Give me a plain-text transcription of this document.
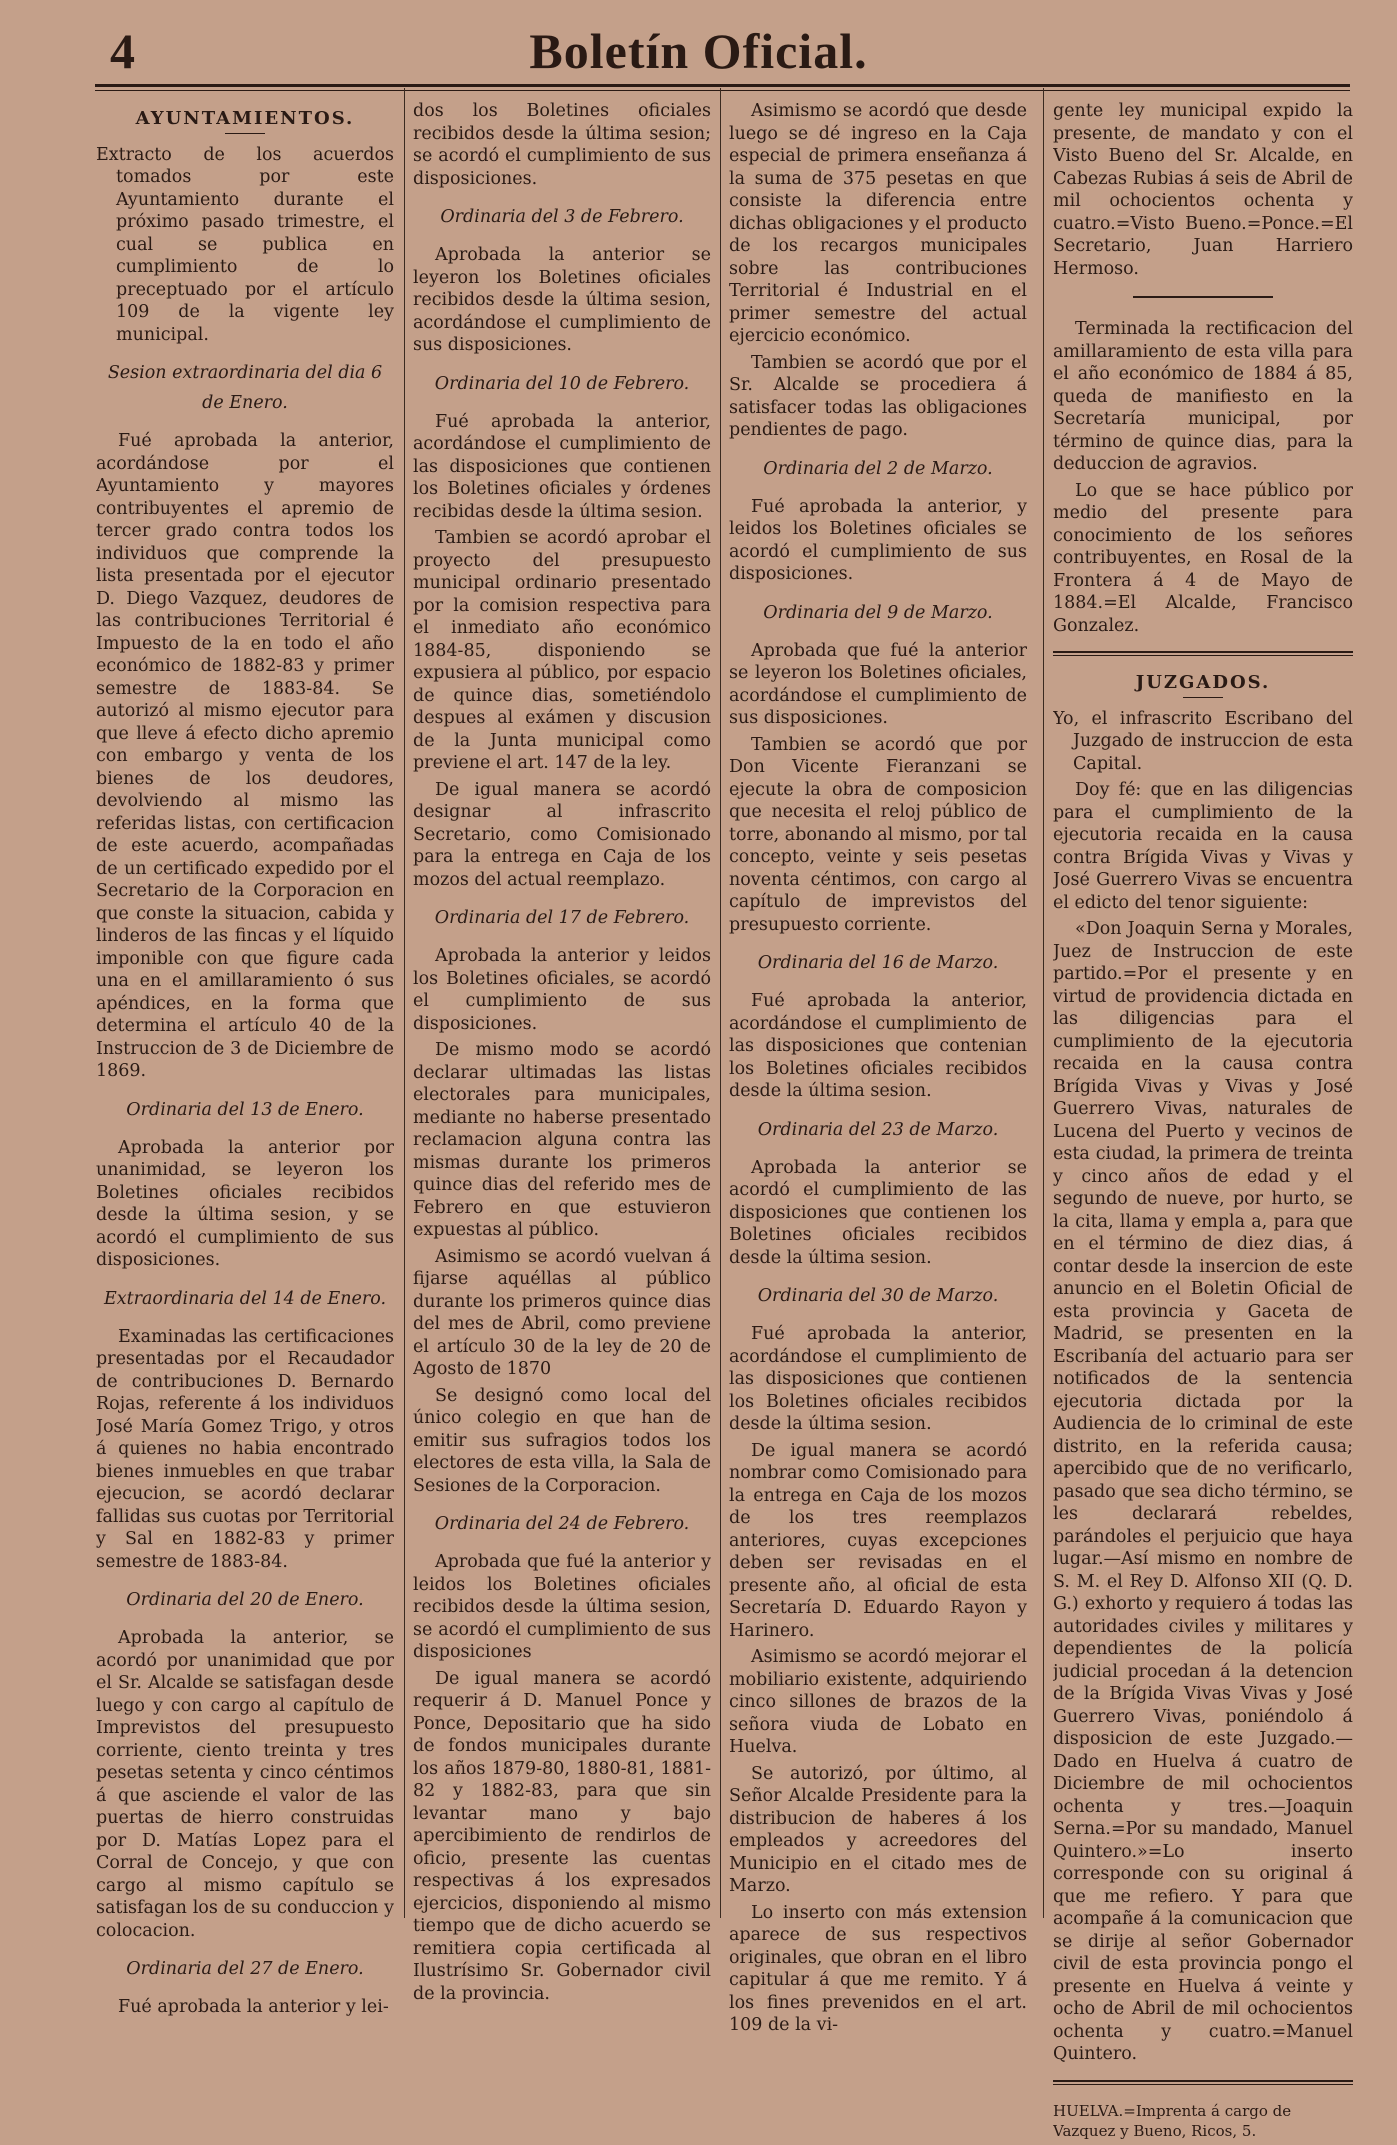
4	Boletín Oficial.
AYUNTAMIENTOS.

Extracto de los acuerdos tomados por este Ayuntamiento durante el próximo pasado trimestre, el cual se publica en cumplimiento de lo preceptuado por el artículo 109 de la vigente ley municipal.

Sesion extraordinaria del dia 6 de Enero.

Fué aprobada la anterior, acordándose por el Ayuntamiento y mayores contribuyentes el apremio de tercer grado contra todos los individuos que comprende la lista presentada por el ejecutor D. Diego Vazquez, deudores de las contribuciones Territorial é Impuesto de la en todo el año económico de 1882-83 y primer semestre de 1883-84. Se autorizó al mismo ejecutor para que lleve á efecto dicho apremio con embargo y venta de los bienes de los deudores, devolviendo al mismo las referidas listas, con certificacion de este acuerdo, acompañadas de un certificado expedido por el Secretario de la Corporacion en que conste la situacion, cabida y linderos de las fincas y el líquido imponible con que figure cada una en el amillaramiento ó sus apéndices, en la forma que determina el artículo 40 de la Instruccion de 3 de Diciembre de 1869.

Ordinaria del 13 de Enero.

Aprobada la anterior por unanimidad, se leyeron los Boletines oficiales recibidos desde la última sesion, y se acordó el cumplimiento de sus disposiciones.

Extraordinaria del 14 de Enero.

Examinadas las certificaciones presentadas por el Recaudador de contribuciones D. Bernardo Rojas, referente á los individuos José María Gomez Trigo, y otros á quienes no habia encontrado bienes inmuebles en que trabar ejecucion, se acordó declarar fallidas sus cuotas por Territorial y Sal en 1882-83 y primer semestre de 1883-84.

Ordinaria del 20 de Enero.

Aprobada la anterior, se acordó por unanimidad que por el Sr. Alcalde se satisfagan desde luego y con cargo al capítulo de Imprevistos del presupuesto corriente, ciento treinta y tres pesetas setenta y cinco céntimos á que asciende el valor de las puertas de hierro construidas por D. Matías Lopez para el Corral de Concejo, y que con cargo al mismo capítulo se satisfagan los de su conduccion y colocacion.

Ordinaria del 27 de Enero.

Fué aprobada la anterior y lei-

dos los Boletines oficiales recibidos desde la última sesion; se acordó el cumplimiento de sus disposiciones.

Ordinaria del 3 de Febrero.

Aprobada la anterior se leyeron los Boletines oficiales recibidos desde la última sesion, acordándose el cumplimiento de sus disposiciones.

Ordinaria del 10 de Febrero.

Fué aprobada la anterior, acordándose el cumplimiento de las disposiciones que contienen los Boletines oficiales y órdenes recibidas desde la última sesion.

Tambien se acordó aprobar el proyecto del presupuesto municipal ordinario presentado por la comision respectiva para el inmediato año económico 1884-85, disponiendo se expusiera al público, por espacio de quince dias, sometiéndolo despues al exámen y discusion de la Junta municipal como previene el art. 147 de la ley.

De igual manera se acordó designar al infrascrito Secretario, como Comisionado para la entrega en Caja de los mozos del actual reemplazo.

Ordinaria del 17 de Febrero.

Aprobada la anterior y leidos los Boletines oficiales, se acordó el cumplimiento de sus disposiciones.

De mismo modo se acordó declarar ultimadas las listas electorales para municipales, mediante no haberse presentado reclamacion alguna contra las mismas durante los primeros quince dias del referido mes de Febrero en que estuvieron expuestas al público.

Asimismo se acordó vuelvan á fijarse aquéllas al público durante los primeros quince dias del mes de Abril, como previene el artículo 30 de la ley de 20 de Agosto de 1870

Se designó como local del único colegio en que han de emitir sus sufragios todos los electores de esta villa, la Sala de Sesiones de la Corporacion.

Ordinaria del 24 de Febrero.

Aprobada que fué la anterior y leidos los Boletines oficiales recibidos desde la última sesion, se acordó el cumplimiento de sus disposiciones

De igual manera se acordó requerir á D. Manuel Ponce y Ponce, Depositario que ha sido de fondos municipales durante los años 1879-80, 1880-81, 1881-82 y 1882-83, para que sin levantar mano y bajo apercibimiento de rendirlos de oficio, presente las cuentas respectivas á los expresados ejercicios, disponiendo al mismo tiempo que de dicho acuerdo se remitiera copia certificada al Ilustrísimo Sr. Gobernador civil de la provincia.

Asimismo se acordó que desde luego se dé ingreso en la Caja especial de primera enseñanza á la suma de 375 pesetas en que consiste la diferencia entre dichas obligaciones y el producto de los recargos municipales sobre las contribuciones Territorial é Industrial en el primer semestre del actual ejercicio económico.

Tambien se acordó que por el Sr. Alcalde se procediera á satisfacer todas las obligaciones pendientes de pago.

Ordinaria del 2 de Marzo.

Fué aprobada la anterior, y leidos los Boletines oficiales se acordó el cumplimiento de sus disposiciones.

Ordinaria del 9 de Marzo.

Aprobada que fué la anterior se leyeron los Boletines oficiales, acordándose el cumplimiento de sus disposiciones.

Tambien se acordó que por Don Vicente Fieranzani se ejecute la obra de composicion que necesita el reloj público de torre, abonando al mismo, por tal concepto, veinte y seis pesetas noventa céntimos, con cargo al capítulo de imprevistos del presupuesto corriente.

Ordinaria del 16 de Marzo.

Fué aprobada la anterior, acordándose el cumplimiento de las disposiciones que contenian los Boletines oficiales recibidos desde la última sesion.

Ordinaria del 23 de Marzo.

Aprobada la anterior se acordó el cumplimiento de las disposiciones que contienen los Boletines oficiales recibidos desde la última sesion.

Ordinaria del 30 de Marzo.

Fué aprobada la anterior, acordándose el cumplimiento de las disposiciones que contienen los Boletines oficiales recibidos desde la última sesion.

De igual manera se acordó nombrar como Comisionado para la entrega en Caja de los mozos de los tres reemplazos anteriores, cuyas excepciones deben ser revisadas en el presente año, al oficial de esta Secretaría D. Eduardo Rayon y Harinero.

Asimismo se acordó mejorar el mobiliario existente, adquiriendo cinco sillones de brazos de la señora viuda de Lobato en Huelva.

Se autorizó, por último, al Señor Alcalde Presidente para la distribucion de haberes á los empleados y acreedores del Municipio en el citado mes de Marzo.

Lo inserto con más extension aparece de sus respectivos originales, que obran en el libro capitular á que me remito. Y á los fines prevenidos en el art. 109 de la vi-

gente ley municipal expido la presente, de mandato y con el Visto Bueno del Sr. Alcalde, en Cabezas Rubias á seis de Abril de mil ochocientos ochenta y cuatro.=Visto Bueno.=Ponce.=El Secretario, Juan Harriero Hermoso.

Terminada la rectificacion del amillaramiento de esta villa para el año económico de 1884 á 85, queda de manifiesto en la Secretaría municipal, por término de quince dias, para la deduccion de agravios.

Lo que se hace público por medio del presente para conocimiento de los señores contribuyentes, en Rosal de la Frontera á 4 de Mayo de 1884.=El Alcalde, Francisco Gonzalez.

JUZGADOS.

Yo, el infrascrito Escribano del Juzgado de instruccion de esta Capital.

Doy fé: que en las diligencias para el cumplimiento de la ejecutoria recaida en la causa contra Brígida Vivas y Vivas y José Guerrero Vivas se encuentra el edicto del tenor siguiente:

«Don Joaquin Serna y Morales, Juez de Instruccion de este partido.=Por el presente y en virtud de providencia dictada en las diligencias para el cumplimiento de la ejecutoria recaida en la causa contra Brígida Vivas y Vivas y José Guerrero Vivas, naturales de Lucena del Puerto y vecinos de esta ciudad, la primera de treinta y cinco años de edad y el segundo de nueve, por hurto, se la cita, llama y empla a, para que en el término de diez dias, á contar desde la insercion de este anuncio en el Boletin Oficial de esta provincia y Gaceta de Madrid, se presenten en la Escribanía del actuario para ser notificados de la sentencia ejecutoria dictada por la Audiencia de lo criminal de este distrito, en la referida causa; apercibido que de no verificarlo, pasado que sea dicho término, se les declarará rebeldes, parándoles el perjuicio que haya lugar.—Así mismo en nombre de S. M. el Rey D. Alfonso XII (Q. D. G.) exhorto y requiero á todas las autoridades civiles y militares y dependientes de la policía judicial procedan á la detencion de la Brígida Vivas Vivas y José Guerrero Vivas, poniéndolo á disposicion de este Juzgado.—Dado en Huelva á cuatro de Diciembre de mil ochocientos ochenta y tres.—Joaquin Serna.=Por su mandado, Manuel Quintero.»=Lo inserto corresponde con su original á que me refiero. Y para que acompañe á la comunicacion que se dirije al señor Gobernador civil de esta provincia pongo el presente en Huelva á veinte y ocho de Abril de mil ochocientos ochenta y cuatro.=Manuel Quintero.

HUELVA.=Imprenta á cargo de Vazquez y Bueno, Ricos, 5.
